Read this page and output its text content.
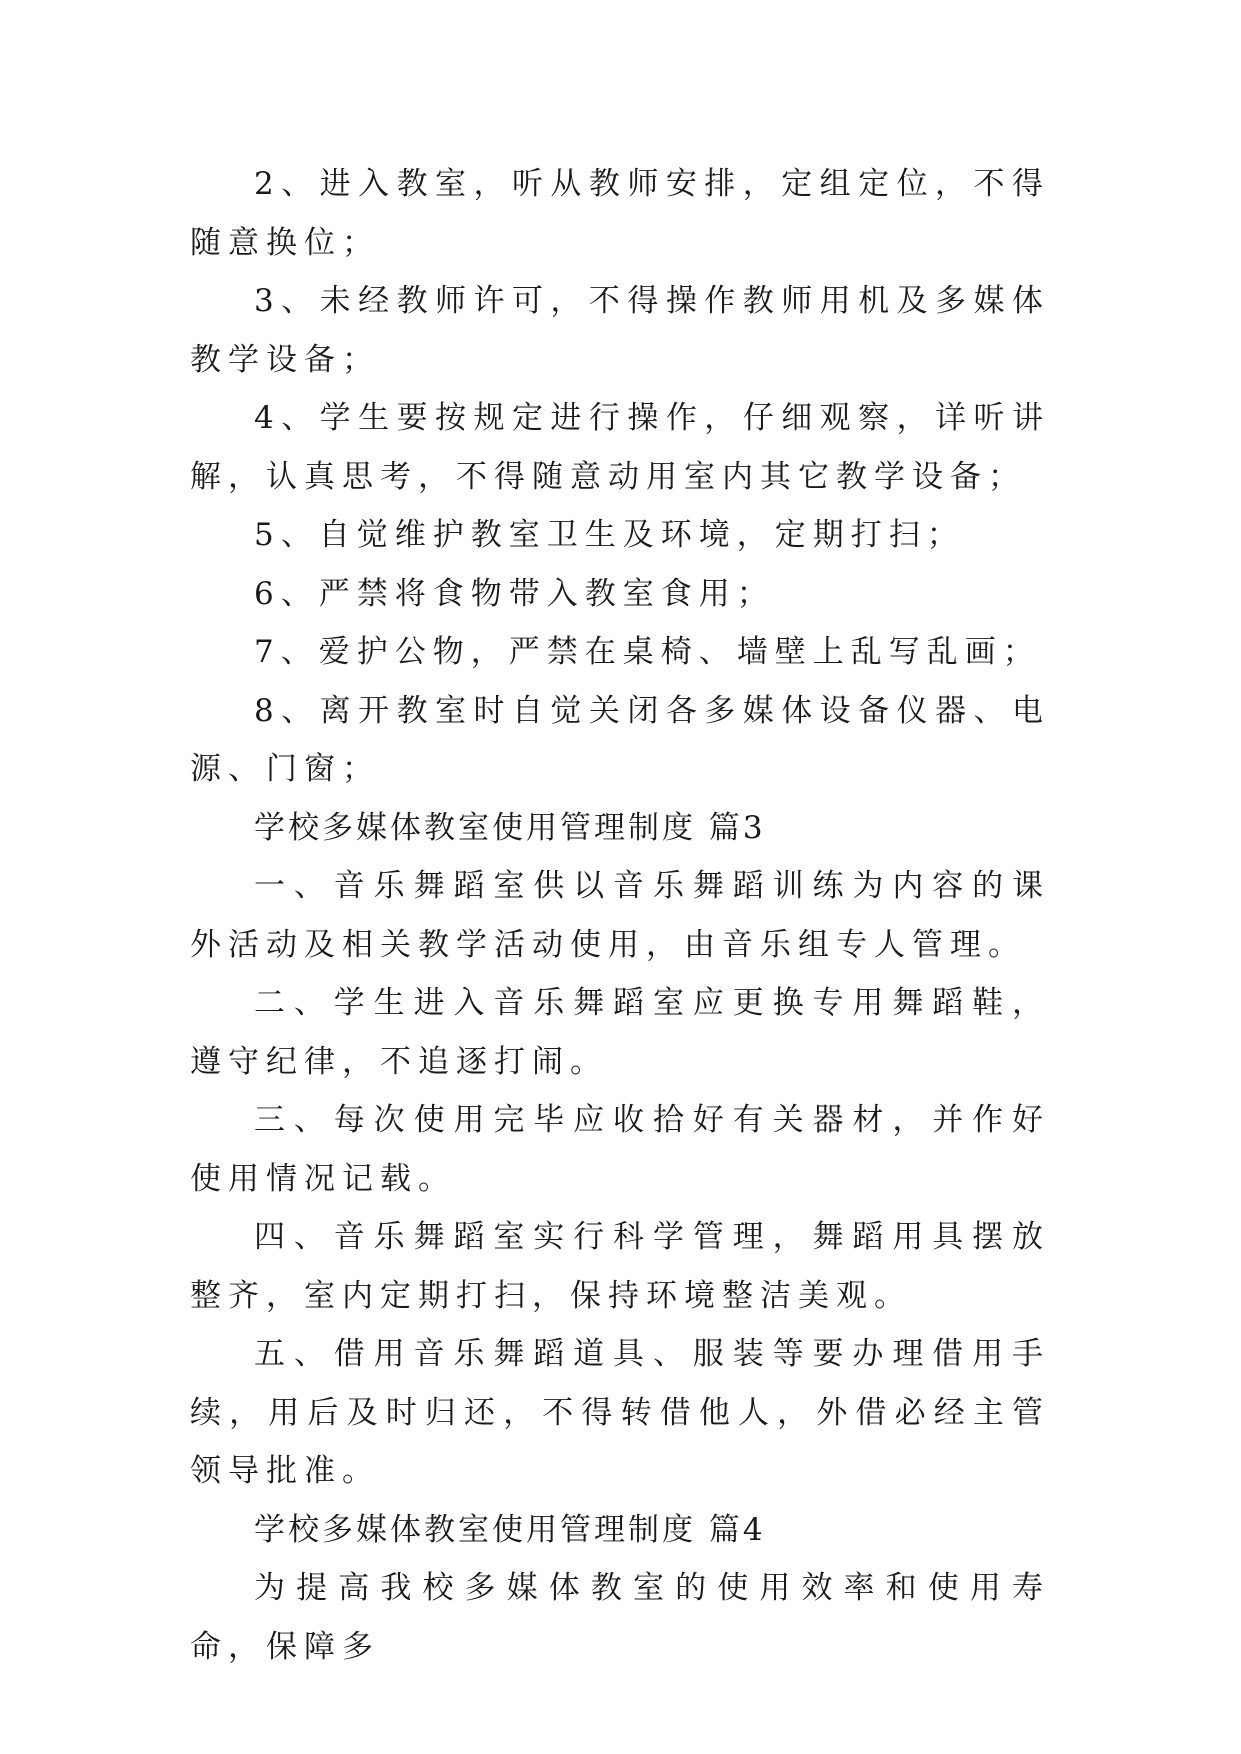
2、进入教室，听从教师安排，定组定位，不得随意换位；

3、未经教师许可，不得操作教师用机及多媒体教学设备；

4、学生要按规定进行操作，仔细观察，详听讲解，认真思考，不得随意动用室内其它教学设备；

5、自觉维护教室卫生及环境，定期打扫；

6、严禁将食物带入教室食用；

7、爱护公物，严禁在桌椅、墙壁上乱写乱画；

8、离开教室时自觉关闭各多媒体设备仪器、电源、门窗；

学校多媒体教室使用管理制度 篇3

一、音乐舞蹈室供以音乐舞蹈训练为内容的课外活动及相关教学活动使用，由音乐组专人管理。

二、学生进入音乐舞蹈室应更换专用舞蹈鞋，遵守纪律，不追逐打闹。

三、每次使用完毕应收拾好有关器材，并作好使用情况记载。

四、音乐舞蹈室实行科学管理，舞蹈用具摆放整齐，室内定期打扫，保持环境整洁美观。

五、借用音乐舞蹈道具、服装等要办理借用手续，用后及时归还，不得转借他人，外借必经主管领导批准。

学校多媒体教室使用管理制度 篇4

为提高我校多媒体教室的使用效率和使用寿命，保障多
